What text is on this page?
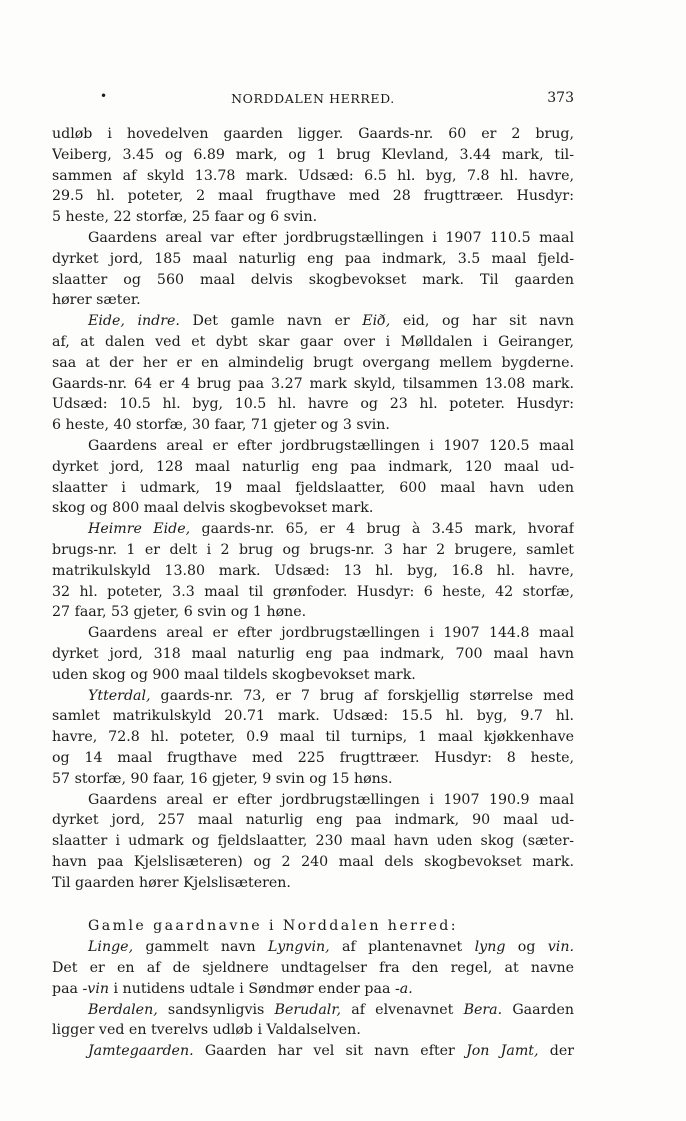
•	NORDDALEN HERRED.	373
udløb i hovedelven gaarden ligger. Gaards-nr. 60 er 2 brug,
Veiberg, 3.45 og 6.89 mark, og 1 brug Klevland, 3.44 mark, til-
sammen af skyld 13.78 mark. Udsæd: 6.5 hl. byg, 7.8 hl. havre,
29.5 hl. poteter, 2 maal frugthave med 28 frugttræer. Husdyr:
5 heste, 22 storfæ, 25 faar og 6 svin.
Gaardens areal var efter jordbrugstællingen i 1907 110.5 maal
dyrket jord, 185 maal naturlig eng paa indmark, 3.5 maal fjeld-
slaatter og 560 maal delvis skogbevokset mark. Til gaarden
hører sæter.
Eide, indre. Det gamle navn er Eið, eid, og har sit navn
af, at dalen ved et dybt skar gaar over i Mølldalen i Geiranger,
saa at der her er en almindelig brugt overgang mellem bygderne.
Gaards-nr. 64 er 4 brug paa 3.27 mark skyld, tilsammen 13.08 mark.
Udsæd: 10.5 hl. byg, 10.5 hl. havre og 23 hl. poteter. Husdyr:
6 heste, 40 storfæ, 30 faar, 71 gjeter og 3 svin.
Gaardens areal er efter jordbrugstællingen i 1907 120.5 maal
dyrket jord, 128 maal naturlig eng paa indmark, 120 maal ud-
slaatter i udmark, 19 maal fjeldslaatter, 600 maal havn uden
skog og 800 maal delvis skogbevokset mark.
Heimre Eide, gaards-nr. 65, er 4 brug à 3.45 mark, hvoraf
brugs-nr. 1 er delt i 2 brug og brugs-nr. 3 har 2 brugere, samlet
matrikulskyld 13.80 mark. Udsæd: 13 hl. byg, 16.8 hl. havre,
32 hl. poteter, 3.3 maal til grønfoder. Husdyr: 6 heste, 42 storfæ,
27 faar, 53 gjeter, 6 svin og 1 høne.
Gaardens areal er efter jordbrugstællingen i 1907 144.8 maal
dyrket jord, 318 maal naturlig eng paa indmark, 700 maal havn
uden skog og 900 maal tildels skogbevokset mark.
Ytterdal, gaards-nr. 73, er 7 brug af forskjellig størrelse med
samlet matrikulskyld 20.71 mark. Udsæd: 15.5 hl. byg, 9.7 hl.
havre, 72.8 hl. poteter, 0.9 maal til turnips, 1 maal kjøkkenhave
og 14 maal frugthave med 225 frugttræer. Husdyr: 8 heste,
57 storfæ, 90 faar, 16 gjeter, 9 svin og 15 høns.
Gaardens areal er efter jordbrugstællingen i 1907 190.9 maal
dyrket jord, 257 maal naturlig eng paa indmark, 90 maal ud-
slaatter i udmark og fjeldslaatter, 230 maal havn uden skog (sæter-
havn paa Kjelslisæteren) og 2 240 maal dels skogbevokset mark.
Til gaarden hører Kjelslisæteren.
Gamle gaardnavne i Norddalen herred:
Linge, gammelt navn Lyngvin, af plantenavnet lyng og vin.
Det er en af de sjeldnere undtagelser fra den regel, at navne
paa -vin i nutidens udtale i Søndmør ender paa -a.
Berdalen, sandsynligvis Berudalr, af elvenavnet Bera. Gaarden
ligger ved en tverelvs udløb i Valdalselven.
Jamtegaarden. Gaarden har vel sit navn efter Jon Jamt, der
